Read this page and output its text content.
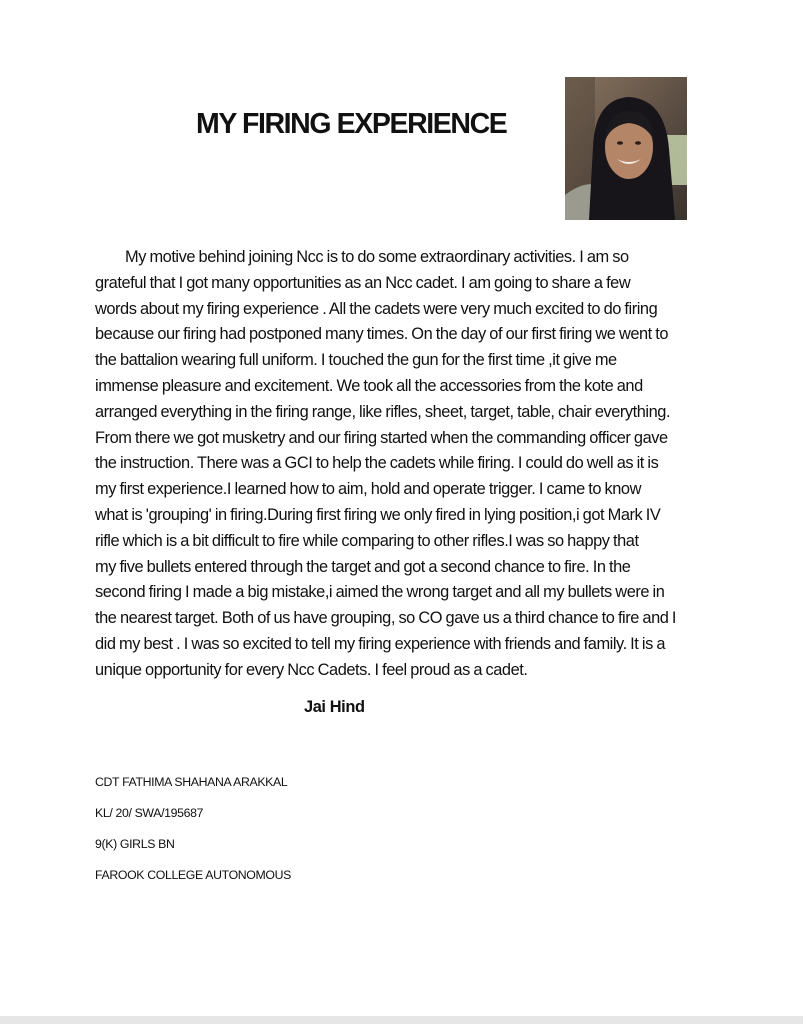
MY FIRING EXPERIENCE

My motive behind joining Ncc is to do some extraordinary activities. I am so
grateful that I got many opportunities as an Ncc cadet. I am going to share a few
words about my firing experience . All the cadets were very much excited to do firing
because our firing had postponed many times. On the day of our first firing we went to
the battalion wearing full uniform. I touched the gun for the first time ,it give me
immense pleasure and excitement. We took all the accessories from the kote and
arranged everything in the firing range, like rifles, sheet, target, table, chair everything.
From there we got musketry and our firing started when the commanding officer gave
the instruction. There was a GCI to help the cadets while firing. I could do well as it is
my first experience.I learned how to aim, hold and operate trigger. I came to know
what is 'grouping' in firing.During first firing we only fired in lying position,i got Mark IV
rifle which is a bit difficult to fire while comparing to other rifles.I was so happy that
my five bullets entered through the target and got a second chance to fire. In the
second firing I made a big mistake,i aimed the wrong target and all my bullets were in
the nearest target. Both of us have grouping, so CO gave us a third chance to fire and I
did my best . I was so excited to tell my firing experience with friends and family. It is a
unique opportunity for every Ncc Cadets. I feel proud as a cadet.

Jai Hind
CDT FATHIMA SHAHANA ARAKKAL
KL/ 20/ SWA/195687
9(K) GIRLS BN
FAROOK COLLEGE AUTONOMOUS
